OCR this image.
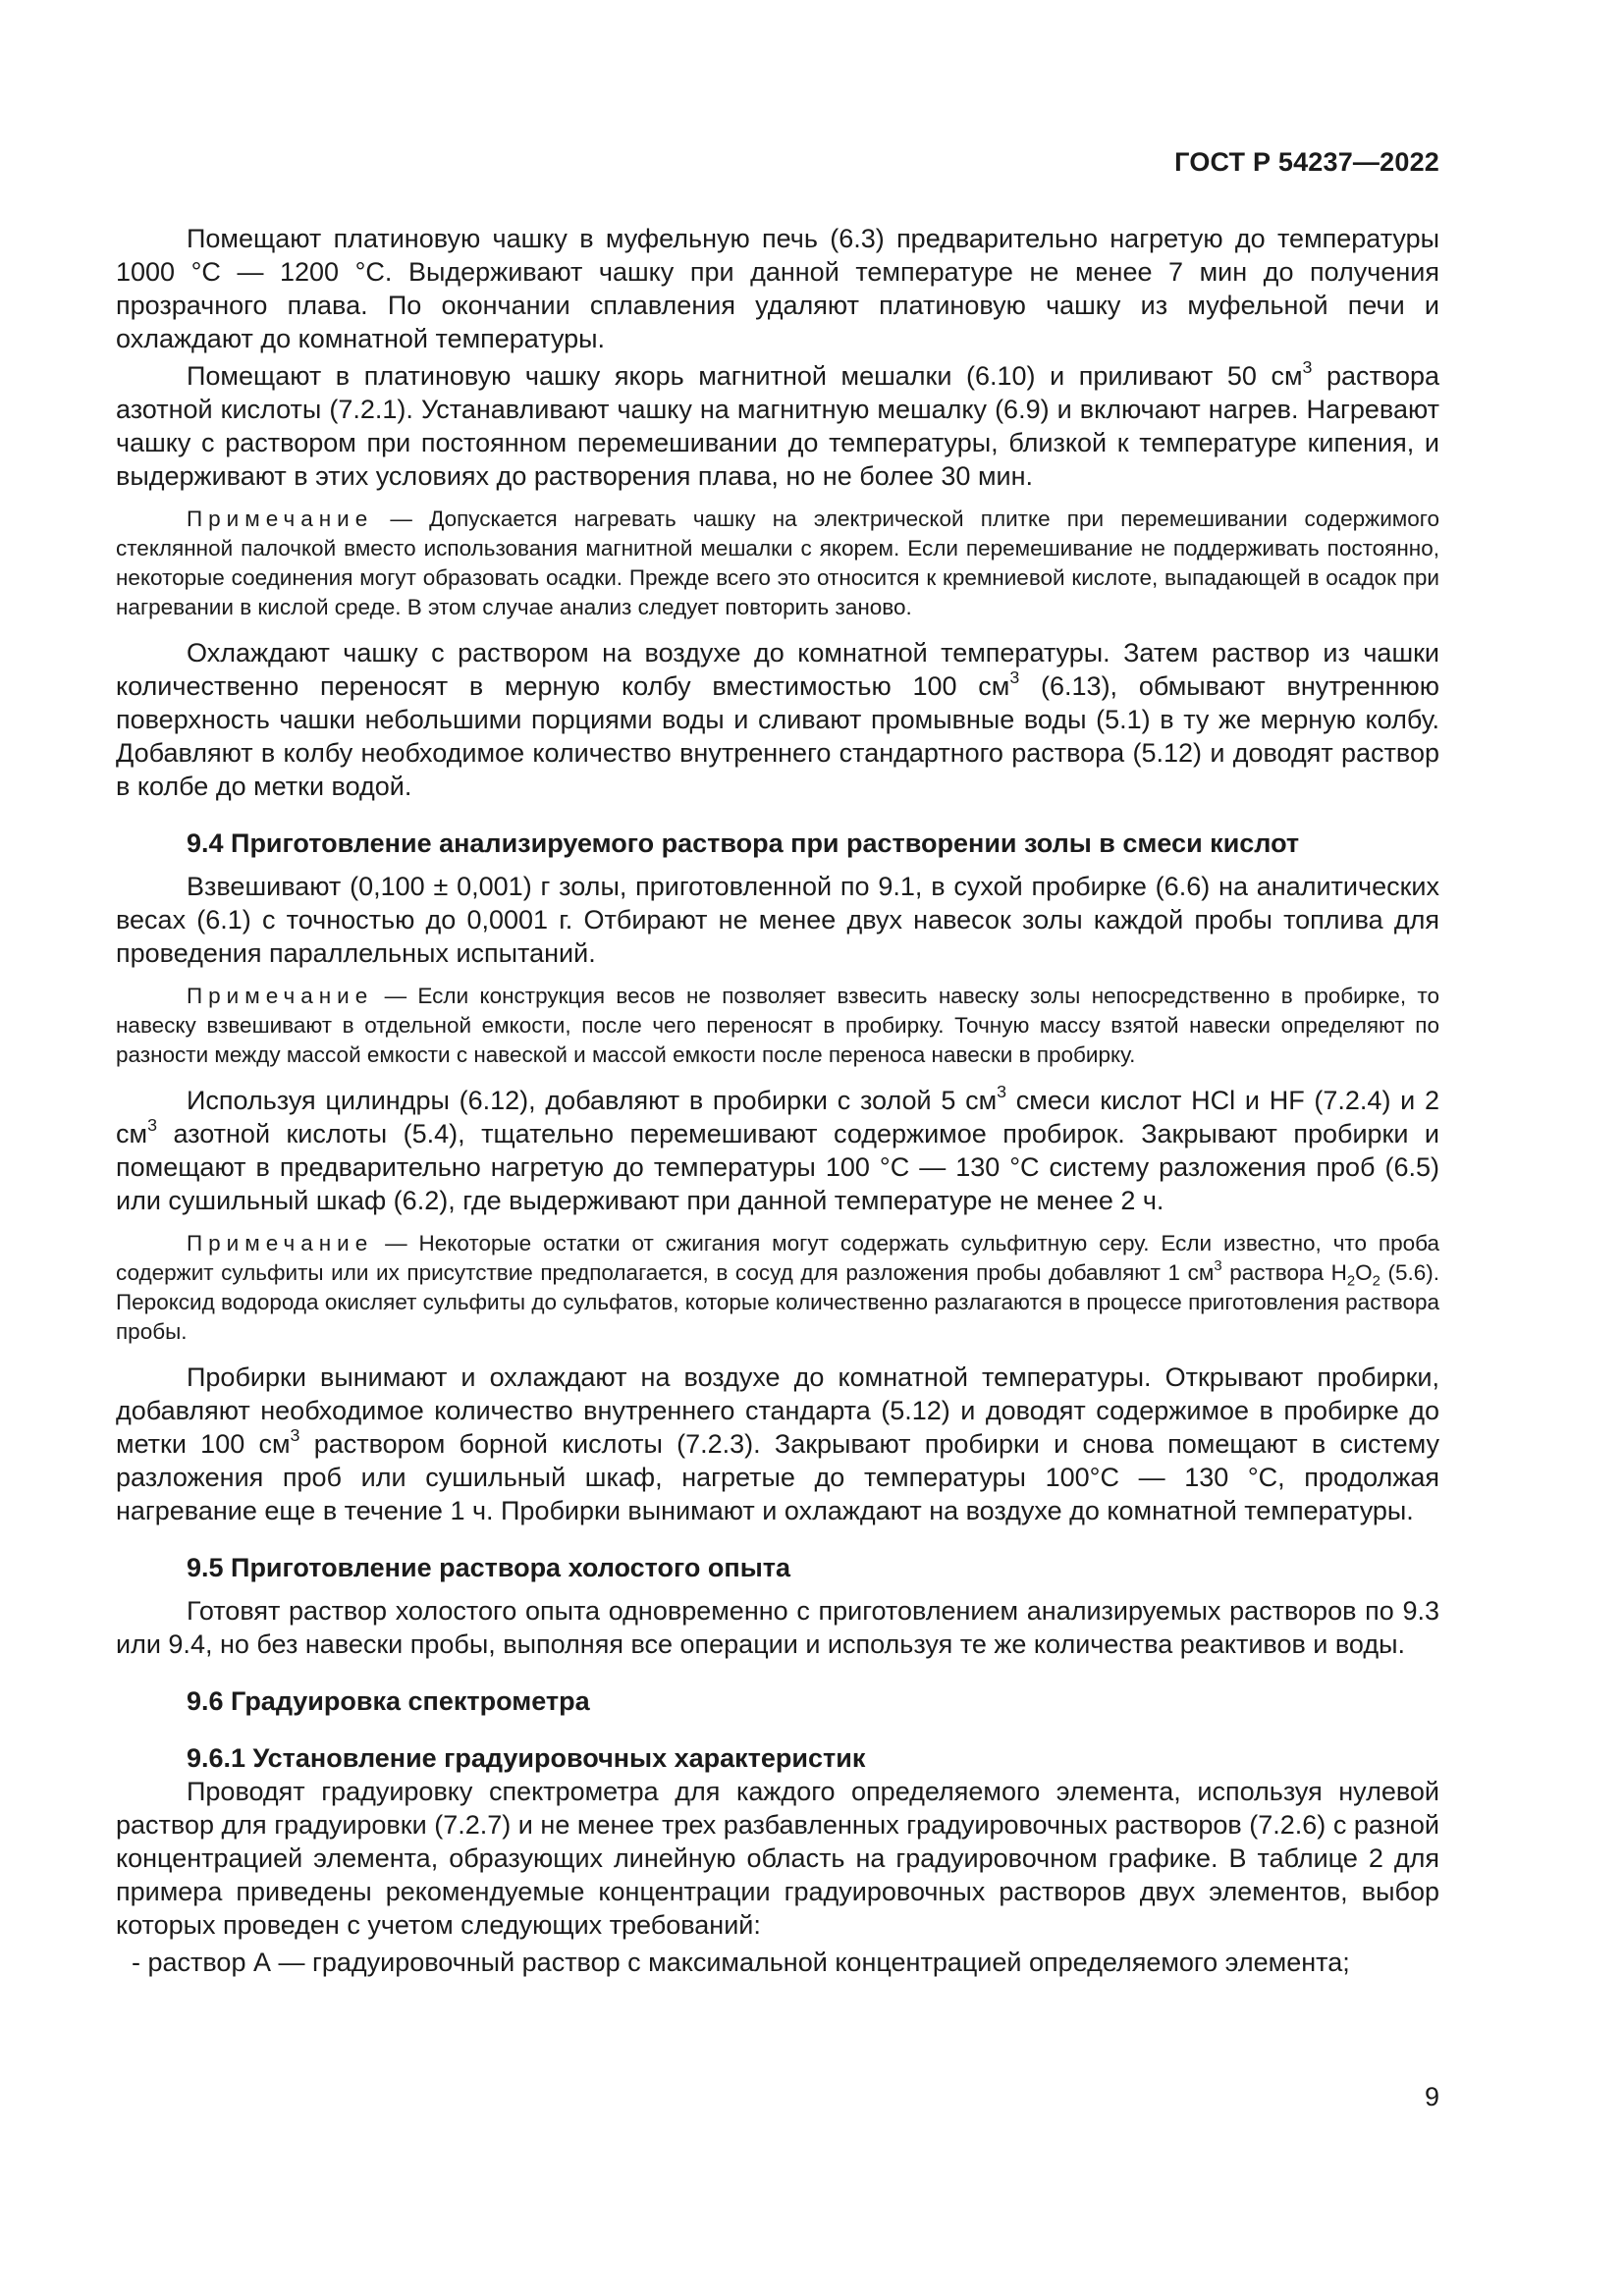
ГОСТ Р 54237—2022

Помещают платиновую чашку в муфельную печь (6.3) предварительно нагретую до температуры 1000 °С — 1200 °С. Выдерживают чашку при данной температуре не менее 7 мин до получения прозрачного плава. По окончании сплавления удаляют платиновую чашку из муфельной печи и охлаждают до комнатной температуры.

Помещают в платиновую чашку якорь магнитной мешалки (6.10) и приливают 50 $см^3$ раствора азотной кислоты (7.2.1). Устанавливают чашку на магнитную мешалку (6.9) и включают нагрев. Нагревают чашку с раствором при постоянном перемешивании до температуры, близкой к температуре кипения, и выдерживают в этих условиях до растворения плава, но не более 30 мин.

Примечание — Допускается нагревать чашку на электрической плитке при перемешивании содержимого стеклянной палочкой вместо использования магнитной мешалки с якорем. Если перемешивание не поддерживать постоянно, некоторые соединения могут образовать осадки. Прежде всего это относится к кремниевой кислоте, выпадающей в осадок при нагревании в кислой среде. В этом случае анализ следует повторить заново.

Охлаждают чашку с раствором на воздухе до комнатной температуры. Затем раствор из чашки количественно переносят в мерную колбу вместимостью 100 $см^3$ (6.13), обмывают внутреннюю поверхность чашки небольшими порциями воды и сливают промывные воды (5.1) в ту же мерную колбу. Добавляют в колбу необходимое количество внутреннего стандартного раствора (5.12) и доводят раствор в колбе до метки водой.

9.4 Приготовление анализируемого раствора при растворении золы в смеси кислот

Взвешивают (0,100 ± 0,001) г золы, приготовленной по 9.1, в сухой пробирке (6.6) на аналитических весах (6.1) с точностью до 0,0001 г. Отбирают не менее двух навесок золы каждой пробы топлива для проведения параллельных испытаний.

Примечание — Если конструкция весов не позволяет взвесить навеску золы непосредственно в пробирке, то навеску взвешивают в отдельной емкости, после чего переносят в пробирку. Точную массу взятой навески определяют по разности между массой емкости с навеской и массой емкости после переноса навески в пробирку.

Используя цилиндры (6.12), добавляют в пробирки с золой 5 $см^3$ смеси кислот HCl и HF (7.2.4) и 2 $см^3$ азотной кислоты (5.4), тщательно перемешивают содержимое пробирок. Закрывают пробирки и помещают в предварительно нагретую до температуры 100 °С — 130 °С систему разложения проб (6.5) или сушильный шкаф (6.2), где выдерживают при данной температуре не менее 2 ч.

Примечание — Некоторые остатки от сжигания могут содержать сульфитную серу. Если известно, что проба содержит сульфиты или их присутствие предполагается, в сосуд для разложения пробы добавляют 1 $см^3$ раствора $H_2O_2$ (5.6). Пероксид водорода окисляет сульфиты до сульфатов, которые количественно разлагаются в процессе приготовления раствора пробы.

Пробирки вынимают и охлаждают на воздухе до комнатной температуры. Открывают пробирки, добавляют необходимое количество внутреннего стандарта (5.12) и доводят содержимое в пробирке до метки 100 $см^3$ раствором борной кислоты (7.2.3). Закрывают пробирки и снова помещают в систему разложения проб или сушильный шкаф, нагретые до температуры 100°С — 130 °С, продолжая нагревание еще в течение 1 ч. Пробирки вынимают и охлаждают на воздухе до комнатной температуры.

9.5 Приготовление раствора холостого опыта

Готовят раствор холостого опыта одновременно с приготовлением анализируемых растворов по 9.3 или 9.4, но без навески пробы, выполняя все операции и используя те же количества реактивов и воды.

9.6 Градуировка спектрометра
9.6.1 Установление градуировочных характеристик

Проводят градуировку спектрометра для каждого определяемого элемента, используя нулевой раствор для градуировки (7.2.7) и не менее трех разбавленных градуировочных растворов (7.2.6) с разной концентрацией элемента, образующих линейную область на градуировочном графике. В таблице 2 для примера приведены рекомендуемые концентрации градуировочных растворов двух элементов, выбор которых проведен с учетом следующих требований:

- раствор А — градуировочный раствор с максимальной концентрацией определяемого элемента;

9
